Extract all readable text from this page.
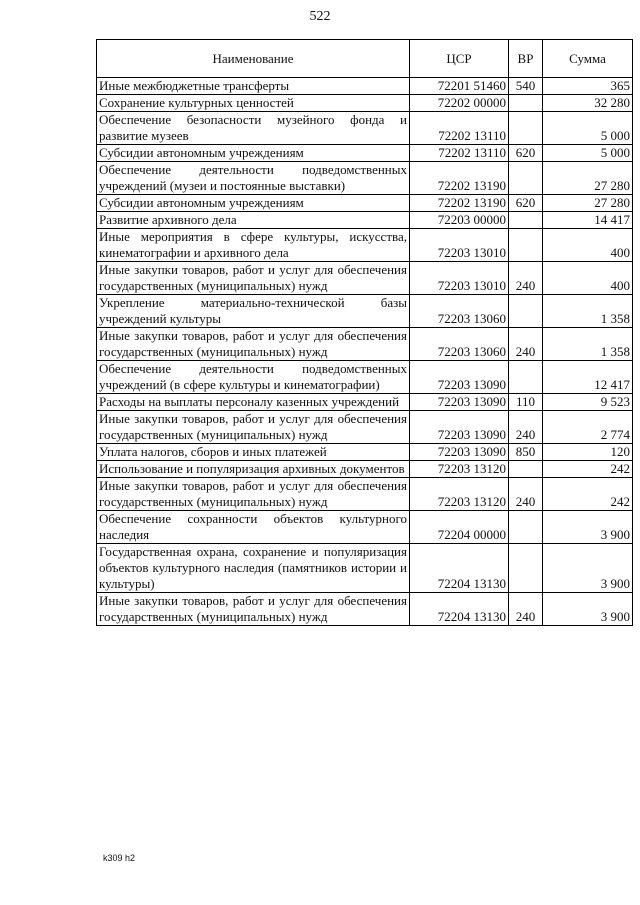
522
Наименование	ЦСР	ВР	Сумма
Иные межбюджетные трансферты	72201 51460	540	365
Сохранение культурных ценностей	72202 00000		32 280
Обеспечение безопасности музейного фонда и развитие музеев	72202 13110		5 000
Субсидии автономным учреждениям	72202 13110	620	5 000
Обеспечение деятельности подведомственных учреждений (музеи и постоянные выставки)	72202 13190		27 280
Субсидии автономным учреждениям	72202 13190	620	27 280
Развитие архивного дела	72203 00000		14 417
Иные мероприятия в сфере культуры, искусства, кинематографии и архивного дела	72203 13010		400
Иные закупки товаров, работ и услуг для обеспечения государственных (муниципальных) нужд	72203 13010	240	400
Укрепление материально-технической базы учреждений культуры	72203 13060		1 358
Иные закупки товаров, работ и услуг для обеспечения государственных (муниципальных) нужд	72203 13060	240	1 358
Обеспечение деятельности подведомственных учреждений (в сфере культуры и кинематографии)	72203 13090		12 417
Расходы на выплаты персоналу казенных учреждений	72203 13090	110	9 523
Иные закупки товаров, работ и услуг для обеспечения государственных (муниципальных) нужд	72203 13090	240	2 774
Уплата налогов, сборов и иных платежей	72203 13090	850	120
Использование и популяризация архивных документов	72203 13120		242
Иные закупки товаров, работ и услуг для обеспечения государственных (муниципальных) нужд	72203 13120	240	242
Обеспечение сохранности объектов культурного наследия	72204 00000		3 900
Государственная охрана, сохранение и популяризация объектов культурного наследия (памятников истории и культуры)	72204 13130		3 900
Иные закупки товаров, работ и услуг для обеспечения государственных (муниципальных) нужд	72204 13130	240	3 900
k309 h2
